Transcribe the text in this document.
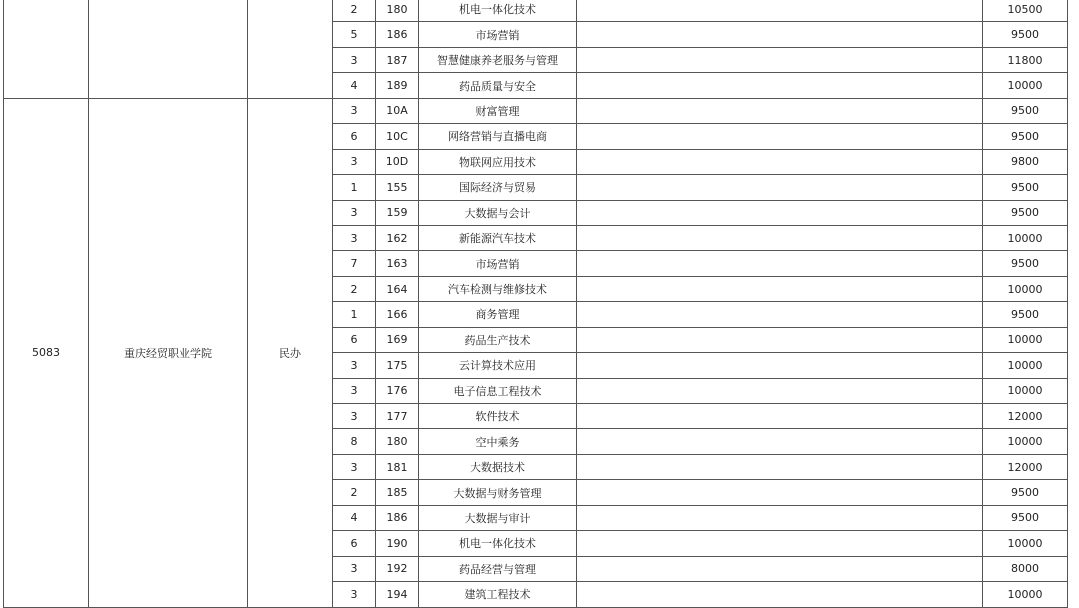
			2	180	机电一体化技术		10500
			5	186	市场营销		9500
			3	187	智慧健康养老服务与管理		11800
			4	189	药品质量与安全		10000
5083	重庆经贸职业学院	民办	3	10A	财富管理		9500
			6	10C	网络营销与直播电商		9500
			3	10D	物联网应用技术		9800
			1	155	国际经济与贸易		9500
			3	159	大数据与会计		9500
			3	162	新能源汽车技术		10000
			7	163	市场营销		9500
			2	164	汽车检测与维修技术		10000
			1	166	商务管理		9500
			6	169	药品生产技术		10000
			3	175	云计算技术应用		10000
			3	176	电子信息工程技术		10000
			3	177	软件技术		12000
			8	180	空中乘务		10000
			3	181	大数据技术		12000
			2	185	大数据与财务管理		9500
			4	186	大数据与审计		9500
			6	190	机电一体化技术		10000
			3	192	药品经营与管理		8000
			3	194	建筑工程技术		10000
